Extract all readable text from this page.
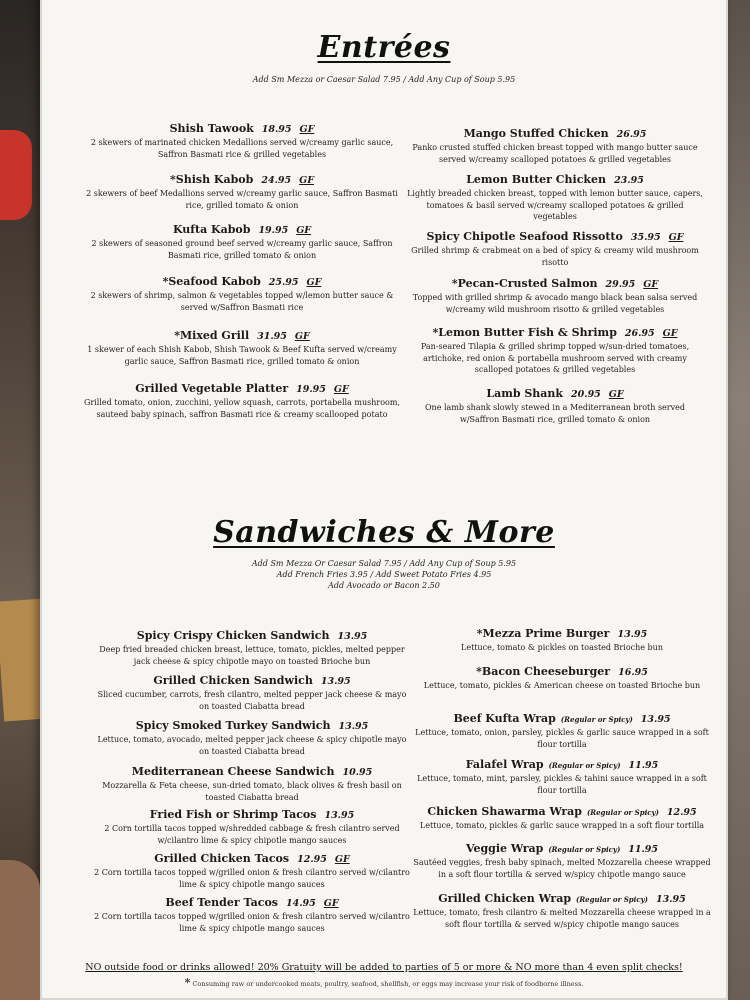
Entrées
Add Sm Mezza or Caesar Salad 7.95 / Add Any Cup of Soup 5.95
Shish Tawook 18.95 GF
2 skewers of marinated chicken Medallions served w/creamy garlic sauce, Saffron Basmati rice & grilled vegetables
*Shish Kabob 24.95 GF
2 skewers of beef Medallions served w/creamy garlic sauce, Saffron Basmati rice, grilled tomato & onion
Kufta Kabob 19.95 GF
2 skewers of seasoned ground beef served w/creamy garlic sauce, Saffron Basmati rice, grilled tomato & onion
*Seafood Kabob 25.95 GF
2 skewers of shrimp, salmon & vegetables topped w/lemon butter sauce & served w/Saffron Basmati rice
*Mixed Grill 31.95 GF
1 skewer of each Shish Kabob, Shish Tawook & Beef Kufta served w/creamy garlic sauce, Saffron Basmati rice, grilled tomato & onion
Grilled Vegetable Platter 19.95 GF
Grilled tomato, onion, zucchini, yellow squash, carrots, portabella mushroom, sauteed baby spinach, saffron Basmati rice & creamy scallooped potato
Mango Stuffed Chicken 26.95
Panko crusted stuffed chicken breast topped with mango butter sauce served w/creamy scalloped potatoes & grilled vegetables
Lemon Butter Chicken 23.95
Lightly breaded chicken breast, topped with lemon butter sauce, capers, tomatoes & basil served w/creamy scalloped potatoes & grilled vegetables
Spicy Chipotle Seafood Rissotto 35.95 GF
Grilled shrimp & crabmeat on a bed of spicy & creamy wild mushroom risotto
*Pecan-Crusted Salmon 29.95 GF
Topped with grilled shrimp & avocado mango black bean salsa served w/creamy wild mushroom risotto & grilled vegetables
*Lemon Butter Fish & Shrimp 26.95 GF
Pan-seared Tilapia & grilled shrimp topped w/sun-dried tomatoes, artichoke, red onion & portabella mushroom served with creamy scalloped potatoes & grilled vegetables
Lamb Shank 20.95 GF
One lamb shank slowly stewed in a Mediterranean broth served w/Saffron Basmati rice, grilled tomato & onion
Sandwiches & More
Add Sm Mezza Or Caesar Salad 7.95 / Add Any Cup of Soup 5.95
Add French Fries 3.95 / Add Sweet Potato Fries 4.95
Add Avocado or Bacon 2.50
Spicy Crispy Chicken Sandwich 13.95
Deep fried breaded chicken breast, lettuce, tomato, pickles, melted pepper jack cheese & spicy chipotle mayo on toasted Brioche bun
Grilled Chicken Sandwich 13.95
Sliced cucumber, carrots, fresh cilantro, melted pepper jack cheese & mayo on toasted Ciabatta bread
Spicy Smoked Turkey Sandwich 13.95
Lettuce, tomato, avocado, melted pepper jack cheese & spicy chipotle mayo on toasted Ciabatta bread
Mediterranean Cheese Sandwich 10.95
Mozzarella & Feta cheese, sun-dried tomato, black olives & fresh basil on toasted Ciabatta bread
Fried Fish or Shrimp Tacos 13.95
2 Corn tortilla tacos topped w/shredded cabbage & fresh cilantro served w/cilantro lime & spicy chipotle mango sauces
Grilled Chicken Tacos 12.95 GF
2 Corn tortilla tacos topped w/grilled onion & fresh cilantro served w/cilantro lime & spicy chipotle mango sauces
Beef Tender Tacos 14.95 GF
2 Corn tortilla tacos topped w/grilled onion & fresh cilantro served w/cilantro lime & spicy chipotle mango sauces
*Mezza Prime Burger 13.95
Lettuce, tomato & pickles on toasted Brioche bun
*Bacon Cheeseburger 16.95
Lettuce, tomato, pickles & American cheese on toasted Brioche bun
Beef Kufta Wrap (Regular or Spicy) 13.95
Lettuce, tomato, onion, parsley, pickles & garlic sauce wrapped in a soft flour tortilla
Falafel Wrap (Regular or Spicy) 11.95
Lettuce, tomato, mint, parsley, pickles & tahini sauce wrapped in a soft flour tortilla
Chicken Shawarma Wrap (Regular or Spicy) 12.95
Lettuce, tomato, pickles & garlic sauce wrapped in a soft flour tortilla
Veggie Wrap (Regular or Spicy) 11.95
Sautéed veggies, fresh baby spinach, melted Mozzarella cheese wrapped in a soft flour tortilla & served w/spicy chipotle mango sauce
Grilled Chicken Wrap (Regular or Spicy) 13.95
Lettuce, tomato, fresh cilantro & melted Mozzarella cheese wrapped in a soft flour tortilla & served w/spicy chipotle mango sauces
NO outside food or drinks allowed! 20% Gratuity will be added to parties of 5 or more & NO more than 4 even split checks!
* Consuming raw or undercooked meats, poultry, seafood, shellfish, or eggs may increase your risk of foodborne illness.
